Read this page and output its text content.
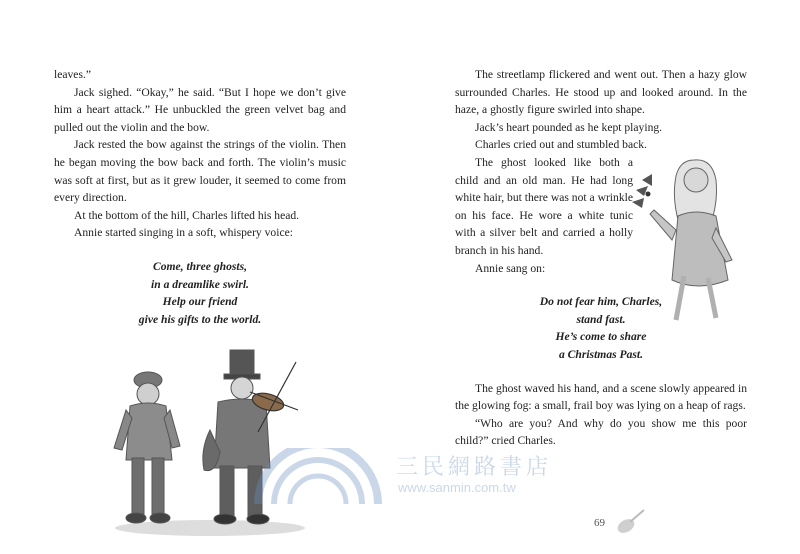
leaves.”

Jack sighed. “Okay,” he said. “But I hope we don’t give him a heart attack.” He unbuckled the green velvet bag and pulled out the violin and the bow.

Jack rested the bow against the strings of the violin. Then he began moving the bow back and forth. The violin’s music was soft at first, but as it grew louder, it seemed to come from every direction.

At the bottom of the hill, Charles lifted his head.

Annie started singing in a soft, whispery voice:

Come, three ghosts,
in a dreamlike swirl.
Help our friend
give his gifts to the world.

The streetlamp flickered and went out. Then a hazy glow surrounded Charles. He stood up and looked around. In the haze, a ghostly figure swirled into shape.

Jack’s heart pounded as he kept playing.

Charles cried out and stumbled back.

The ghost looked like both a child and an old man. He had long white hair, but there was not a wrinkle on his face. He wore a white tunic with a silver belt and carried a holly branch in his hand.

Annie sang on:

Do not fear him, Charles,
stand fast.
He’s come to share
a Christmas Past.

The ghost waved his hand, and a scene slowly appeared in the glowing fog: a small, frail boy was lying on a heap of rags.

“Who are you? And why do you show me this poor child?” cried Charles.

69
三民網路書店
www.sanmin.com.tw
